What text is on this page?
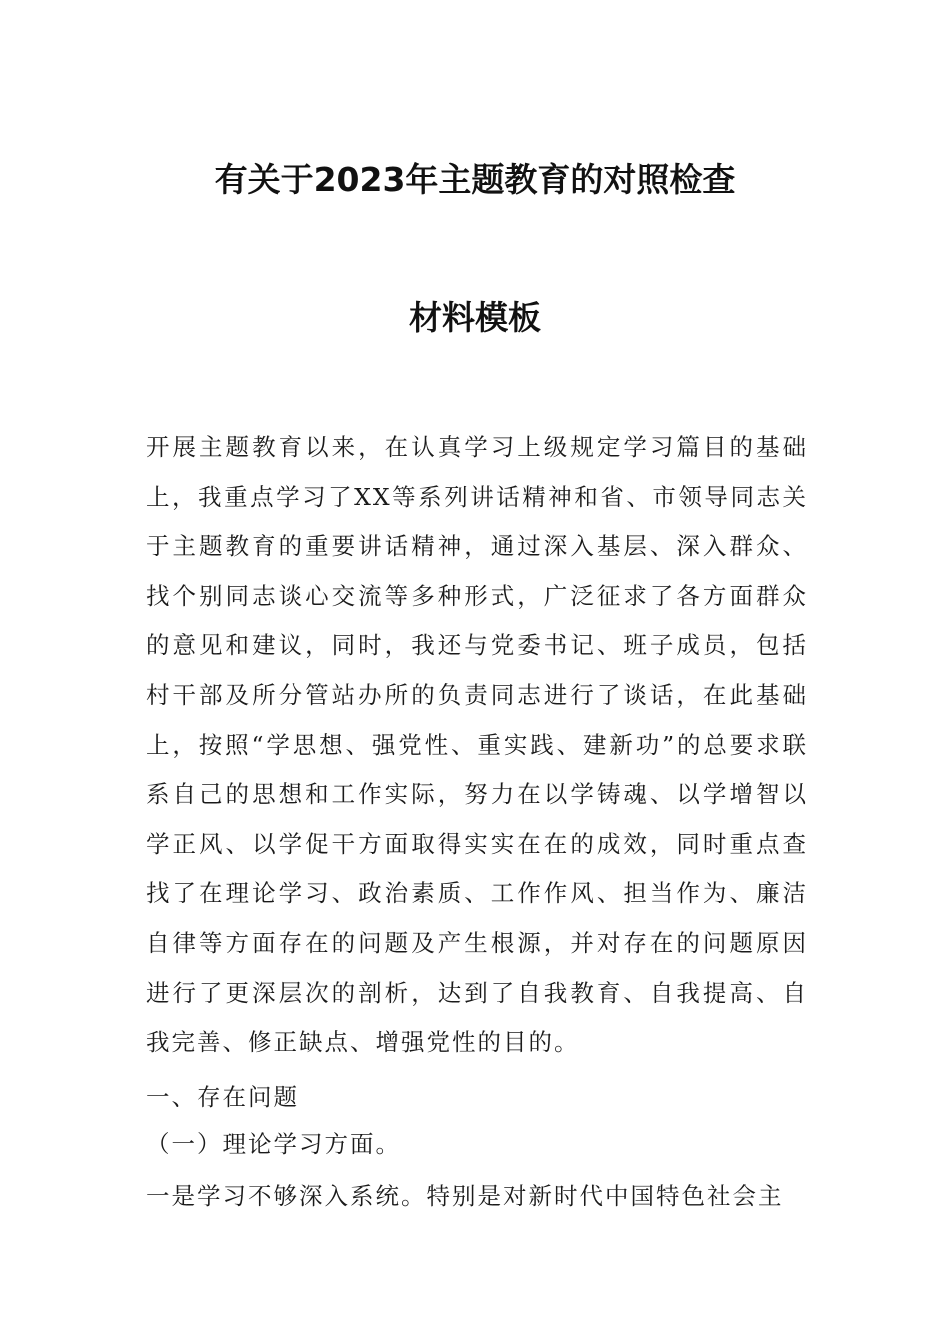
有关于2023年主题教育的对照检查
材料模板

开展主题教育以来，在认真学习上级规定学习篇目的基础上，我重点学习了XX等系列讲话精神和省、市领导同志关于主题教育的重要讲话精神，通过深入基层、深入群众、找个别同志谈心交流等多种形式，广泛征求了各方面群众的意见和建议，同时，我还与党委书记、班子成员，包括村干部及所分管站办所的负责同志进行了谈话，在此基础上，按照“学思想、强党性、重实践、建新功”的总要求联系自己的思想和工作实际，努力在以学铸魂、以学增智以学正风、以学促干方面取得实实在在的成效，同时重点查找了在理论学习、政治素质、工作作风、担当作为、廉洁自律等方面存在的问题及产生根源，并对存在的问题原因进行了更深层次的剖析，达到了自我教育、自我提高、自我完善、修正缺点、增强党性的目的。

一、存在问题

（一）理论学习方面。

一是学习不够深入系统。特别是对新时代中国特色社会主
